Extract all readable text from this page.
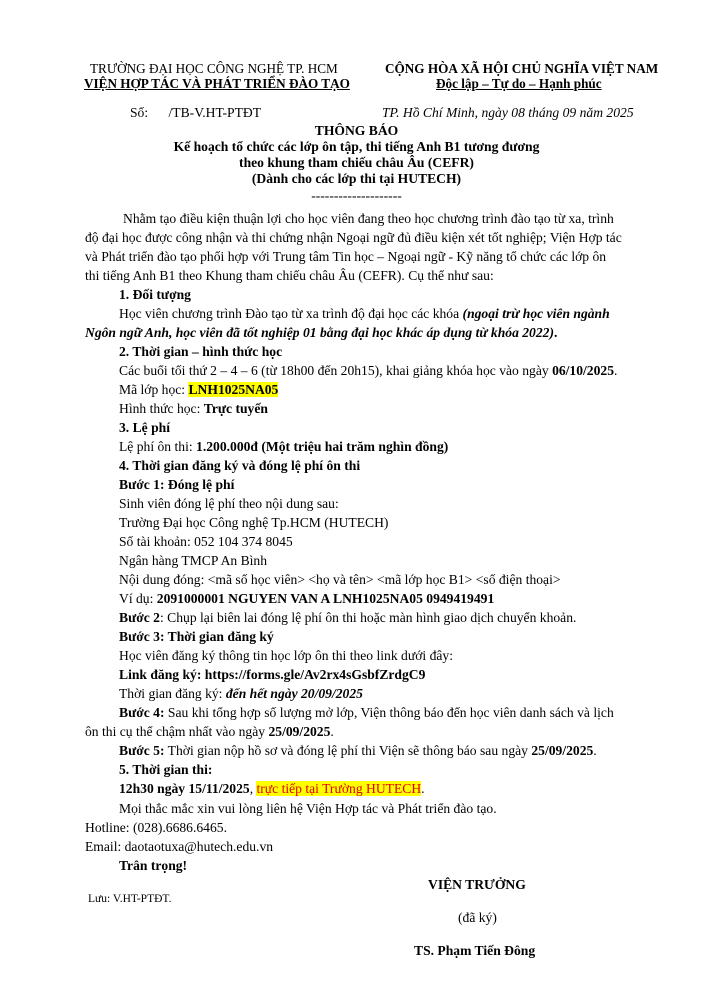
TRƯỜNG ĐẠI HỌC CÔNG NGHỆ TP. HCM
VIỆN HỢP TÁC VÀ PHÁT TRIỂN ĐÀO TẠO
CỘNG HÒA XÃ HỘI CHỦ NGHĨA VIỆT NAM
Độc lập – Tự do – Hạnh phúc
Số:      /TB-V.HT-PTĐT	TP. Hồ Chí Minh, ngày 08 tháng 09 năm 2025
THÔNG BÁO
Kế hoạch tổ chức các lớp ôn tập, thi tiếng Anh B1 tương đương
theo khung tham chiếu châu Âu (CEFR)
(Dành cho các lớp thi tại HUTECH)
--------------------
Nhằm tạo điều kiện thuận lợi cho học viên đang theo học chương trình đào tạo từ xa, trình
độ đại học được công nhận và thi chứng nhận Ngoại ngữ đủ điều kiện xét tốt nghiệp; Viện Hợp tác
và Phát triển đào tạo phối hợp với Trung tâm Tin học – Ngoại ngữ - Kỹ năng tổ chức các lớp ôn
thi tiếng Anh B1 theo Khung tham chiếu châu Âu (CEFR). Cụ thể như sau:
1. Đối tượng
Học viên chương trình Đào tạo từ xa trình độ đại học các khóa (ngoại trừ học viên ngành
Ngôn ngữ Anh, học viên đã tốt nghiệp 01 bằng đại học khác áp dụng từ khóa 2022).
2. Thời gian – hình thức học
Các buổi tối thứ 2 – 4 – 6 (từ 18h00 đến 20h15), khai giảng khóa học vào ngày 06/10/2025.
Mã lớp học: LNH1025NA05
Hình thức học: Trực tuyến
3. Lệ phí
Lệ phí ôn thi: 1.200.000đ (Một triệu hai trăm nghìn đồng)
4. Thời gian đăng ký và đóng lệ phí ôn thi
Bước 1: Đóng lệ phí
Sinh viên đóng lệ phí theo nội dung sau:
Trường Đại học Công nghệ Tp.HCM (HUTECH)
Số tài khoản: 052 104 374 8045
Ngân hàng TMCP An Bình
Nội dung đóng: <mã số học viên> <họ và tên> <mã lớp học B1> <số điện thoại>
Ví dụ: 2091000001 NGUYEN VAN A LNH1025NA05 0949419491
Bước 2: Chụp lại biên lai đóng lệ phí ôn thi hoặc màn hình giao dịch chuyển khoản.
Bước 3: Thời gian đăng ký
Học viên đăng ký thông tin học lớp ôn thi theo link dưới đây:
Link đăng ký: https://forms.gle/Av2rx4sGsbfZrdgC9
Thời gian đăng ký: đến hết ngày 20/09/2025
Bước 4: Sau khi tổng hợp số lượng mở lớp, Viện thông báo đến học viên danh sách và lịch
ôn thi cụ thể chậm nhất vào ngày 25/09/2025.
Bước 5: Thời gian nộp hồ sơ và đóng lệ phí thi Viện sẽ thông báo sau ngày 25/09/2025.
5. Thời gian thi:
12h30 ngày 15/11/2025, trực tiếp tại Trường HUTECH.
Mọi thắc mắc xin vui lòng liên hệ Viện Hợp tác và Phát triển đào tạo.
Hotline: (028).6686.6465.
Email: daotaotuxa@hutech.edu.vn
Trân trọng!
VIỆN TRƯỞNG
Lưu: V.HT-PTĐT.
(đã ký)
TS. Phạm Tiến Đông
